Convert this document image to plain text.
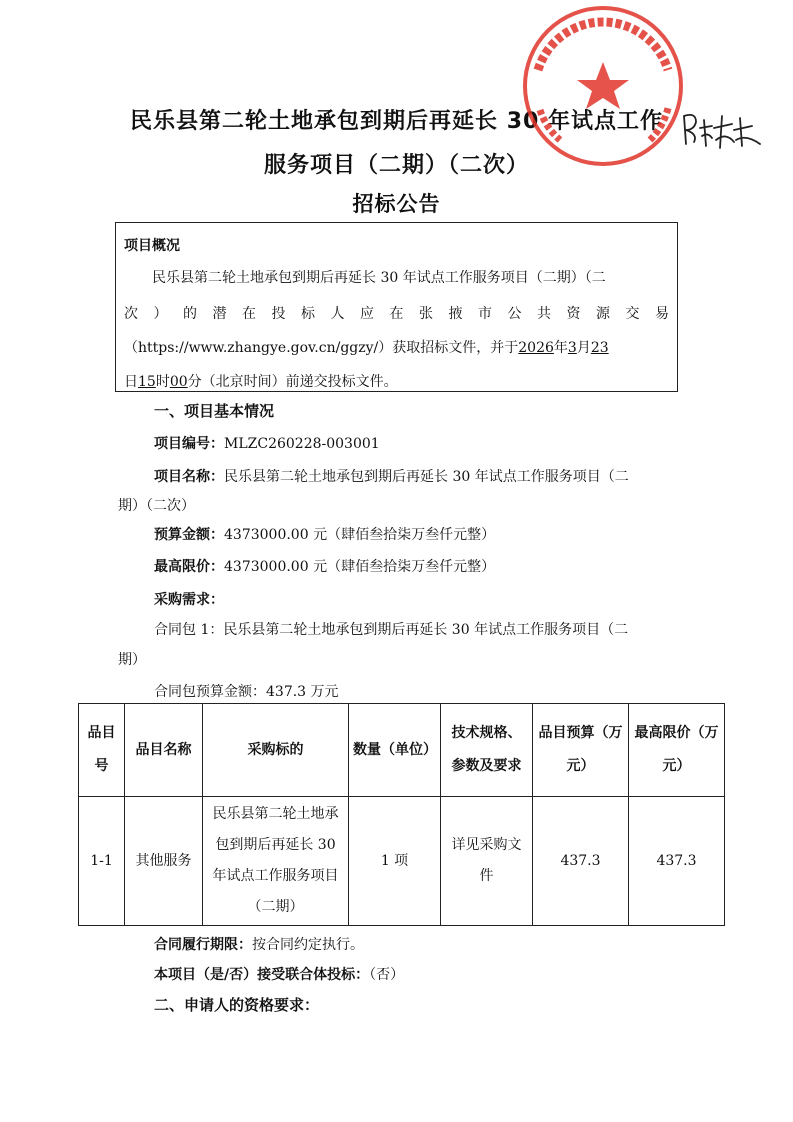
民乐县第二轮土地承包到期后再延长 30 年试点工作
服务项目（二期）（二次）
招标公告
项目概况
民乐县第二轮土地承包到期后再延长 30 年试点工作服务项目（二期）（二
次 ） 的 潜 在 投 标 人 应 在 张 掖 市 公 共 资 源 交 易
（https://www.zhangye.gov.cn/ggzy/）获取招标文件，并于2026年3月23
日15时00分（北京时间）前递交投标文件。
一、项目基本情况
项目编号：MLZC260228-003001
项目名称：民乐县第二轮土地承包到期后再延长 30 年试点工作服务项目（二
期）（二次）
预算金额：4373000.00 元（肆佰叁拾柒万叁仟元整）
最高限价：4373000.00 元（肆佰叁拾柒万叁仟元整）
采购需求：
合同包 1：民乐县第二轮土地承包到期后再延长 30 年试点工作服务项目（二
期）
合同包预算金额：437.3 万元
品目号	品目名称	采购标的	数量（单位）	技术规格、参数及要求	品目预算（万元）	最高限价（万元）
1-1	其他服务	民乐县第二轮土地承包到期后再延长 30 年试点工作服务项目（二期）	1 项	详见采购文件	437.3	437.3
合同履行期限：按合同约定执行。
本项目（是/否）接受联合体投标：（否）
二、申请人的资格要求：
